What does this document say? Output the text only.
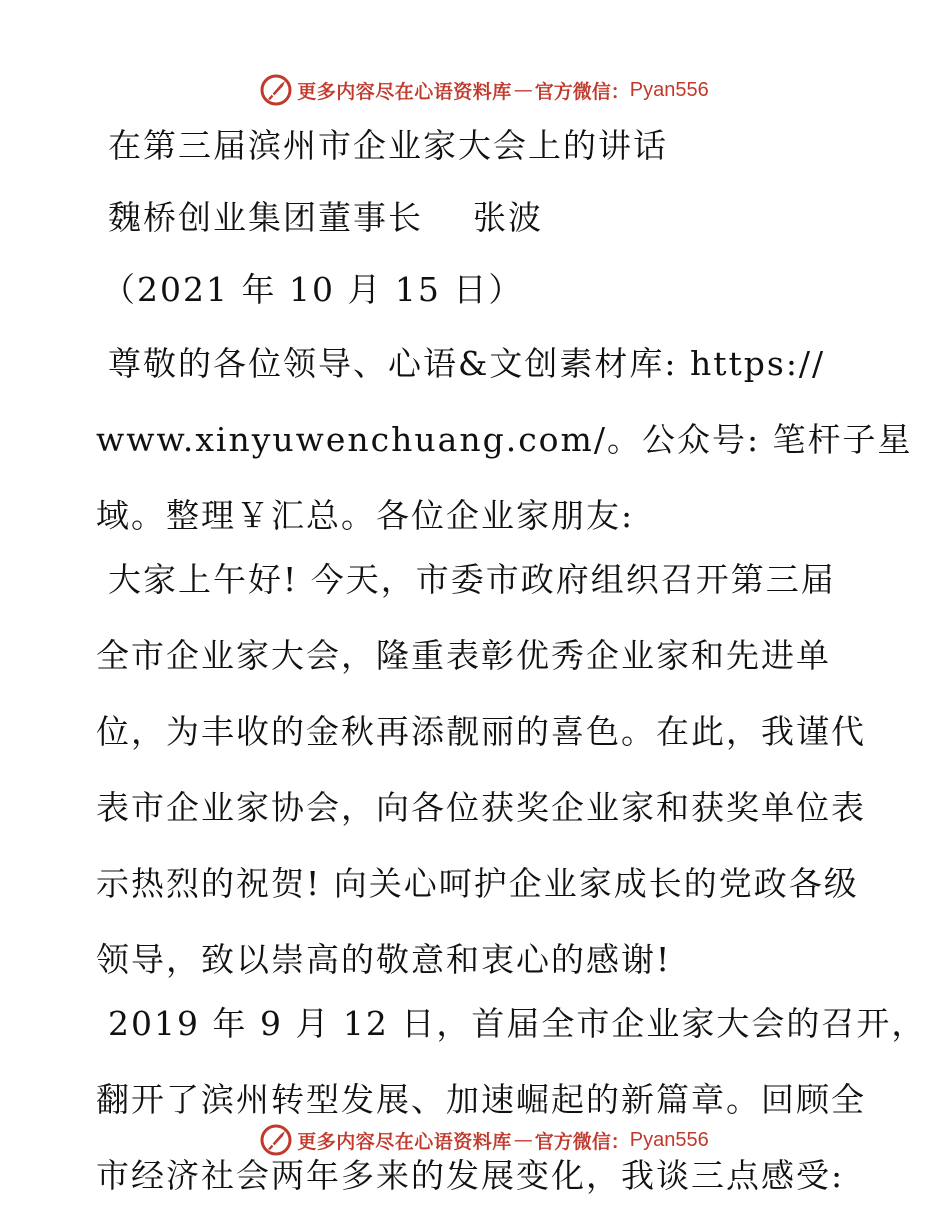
更多内容尽在心语资料库 — 官方微信： Pyan556

在第三届滨州市企业家大会上的讲话

魏桥创业集团董事长    张波

（2021 年 10 月 15 日）

尊敬的各位领导、心语&文创素材库: https://

www.xinyuwenchuang.com/。公众号: 笔杆子星

域。整理￥汇总。各位企业家朋友:

大家上午好! 今天，市委市政府组织召开第三届

全市企业家大会，隆重表彰优秀企业家和先进单

位，为丰收的金秋再添靓丽的喜色。在此，我谨代

表市企业家协会，向各位获奖企业家和获奖单位表

示热烈的祝贺! 向关心呵护企业家成长的党政各级

领导，致以崇高的敬意和衷心的感谢!

2019 年 9 月 12 日，首届全市企业家大会的召开，

翻开了滨州转型发展、加速崛起的新篇章。回顾全

市经济社会两年多来的发展变化，我谈三点感受:

更多内容尽在心语资料库 — 官方微信： Pyan556
